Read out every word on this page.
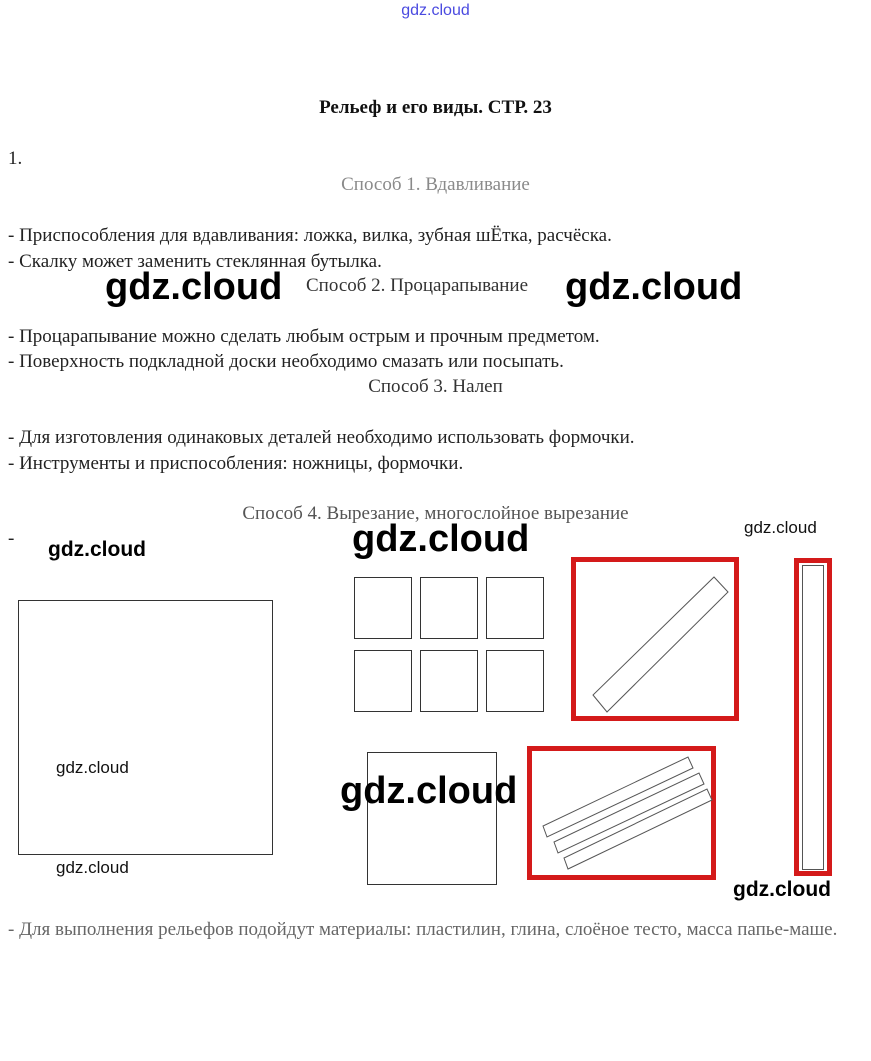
gdz.cloud
Рельеф и его виды. СТР. 23
1.
Способ 1. Вдавливание
- Приспособления для вдавливания: ложка, вилка, зубная шЁтка, расчёска.
- Скалку может заменить стеклянная бутылка.
Способ 2. Процарапывание
gdz.cloud	gdz.cloud
- Процарапывание можно сделать любым острым и прочным предметом.
- Поверхность подкладной доски необходимо смазать или посыпать.
Способ 3. Налеп
- Для изготовления одинаковых деталей необходимо использовать формочки.
- Инструменты и приспособления: ножницы, формочки.
Способ 4. Вырезание, многослойное вырезание
-
gdz.cloud
gdz.cloud	gdz.cloud
gdz.cloud
gdz.cloud
gdz.cloud
gdz.cloud
- Для выполнения рельефов подойдут материалы: пластилин, глина, слоёное тесто, масса папье-маше.
